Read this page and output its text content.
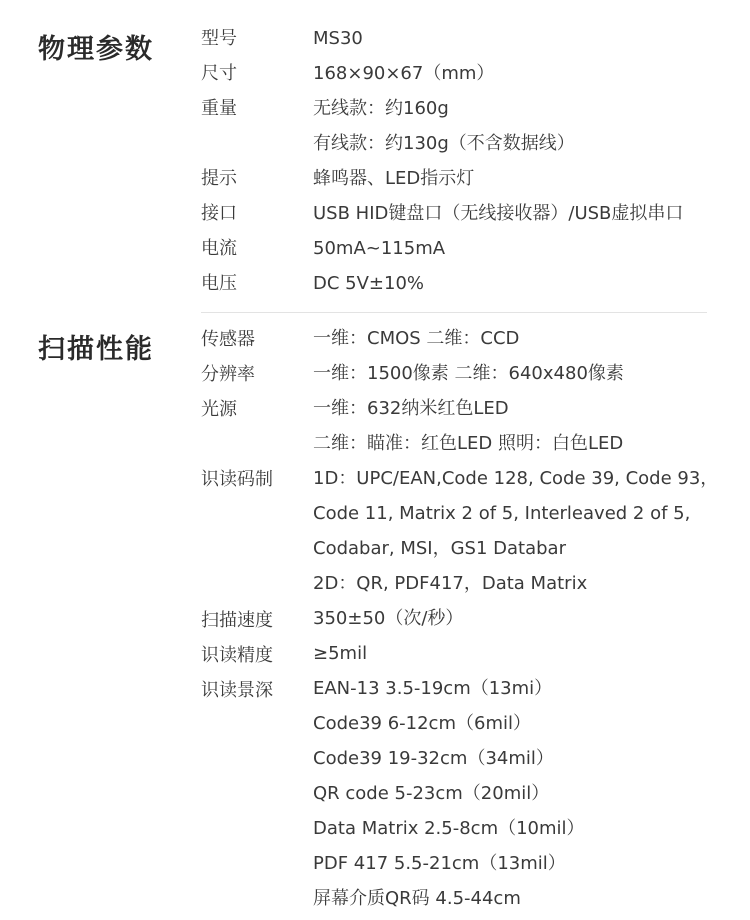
物理参数	型号	MS30
尺寸	168×90×67（mm）
重量	无线款：约160g
有线款：约130g（不含数据线）
提示	蜂鸣器、LED指示灯
接口	USB HID键盘口（无线接收器）/USB虚拟串口
电流	50mA~115mA
电压	DC 5V±10%
扫描性能	传感器	一维：CMOS 二维：CCD
分辨率	一维：1500像素 二维：640x480像素
光源	一维：632纳米红色LED
二维：瞄准：红色LED 照明：白色LED
识读码制 1D：UPC/EAN,Code 128, Code 39, Code 93，
Code 11, Matrix 2 of 5, Interleaved 2 of 5,
Codabar, MSI，GS1 Databar
2D：QR, PDF417，Data Matrix
扫描速度 350±50（次/秒）
识读精度 ≥5mil
识读景深 EAN-13 3.5-19cm（13mi）
Code39 6-12cm（6mil）
Code39 19-32cm（34mil）
QR code 5-23cm（20mil）
Data Matrix 2.5-8cm（10mil）
PDF 417 5.5-21cm（13mil）
屏幕介质QR码 4.5-44cm
